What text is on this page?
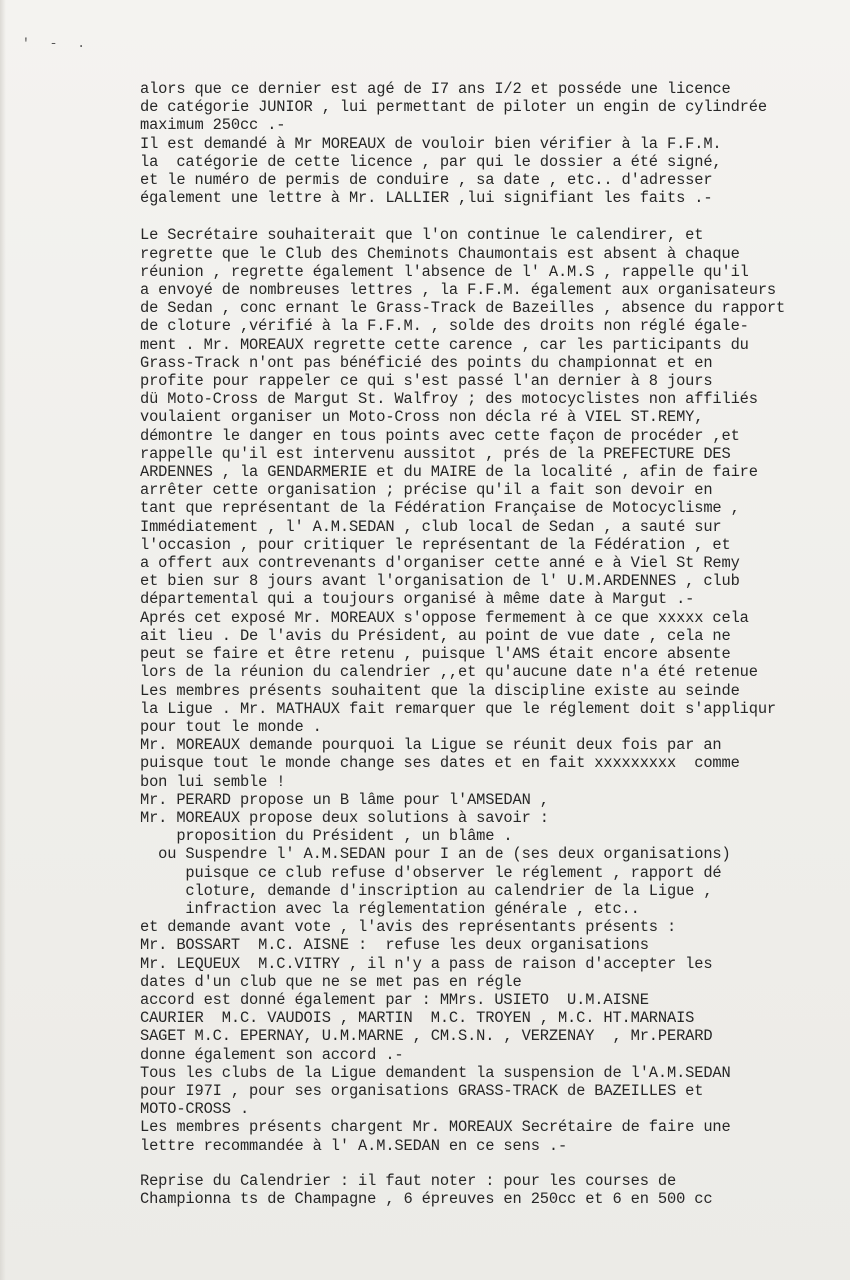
' - .
alors que ce dernier est agé de I7 ans I/2 et posséde une licence
de catégorie JUNIOR , lui permettant de piloter un engin de cylindrée
maximum 250cc .-
Il est demandé à Mr MOREAUX de vouloir bien vérifier à la F.F.M.
la  catégorie de cette licence , par qui le dossier a été signé,
et le numéro de permis de conduire , sa date , etc.. d'adresser
également une lettre à Mr. LALLIER ,lui signifiant les faits .-
Le Secrétaire souhaiterait que l'on continue le calendirer, et
regrette que le Club des Cheminots Chaumontais est absent à chaque
réunion , regrette également l'absence de l' A.M.S , rappelle qu'il
a envoyé de nombreuses lettres , la F.F.M. également aux organisateurs
de Sedan , conc ernant le Grass-Track de Bazeilles , absence du rapport
de cloture ,vérifié à la F.F.M. , solde des droits non réglé égale-
ment . Mr. MOREAUX regrette cette carence , car les participants du
Grass-Track n'ont pas bénéficié des points du championnat et en
profite pour rappeler ce qui s'est passé l'an dernier à 8 jours
dü Moto-Cross de Margut St. Walfroy ; des motocyclistes non affiliés
voulaient organiser un Moto-Cross non décla ré à VIEL ST.REMY,
démontre le danger en tous points avec cette façon de procéder ,et
rappelle qu'il est intervenu aussitot , prés de la PREFECTURE DES
ARDENNES , la GENDARMERIE et du MAIRE de la localité , afin de faire
arrêter cette organisation ; précise qu'il a fait son devoir en
tant que représentant de la Fédération Française de Motocyclisme ,
Immédiatement , l' A.M.SEDAN , club local de Sedan , a sauté sur
l'occasion , pour critiquer le représentant de la Fédération , et
a offert aux contrevenants d'organiser cette anné e à Viel St Remy
et bien sur 8 jours avant l'organisation de l' U.M.ARDENNES , club
départemental qui a toujours organisé à même date à Margut .-
Aprés cet exposé Mr. MOREAUX s'oppose fermement à ce que xxxxx cela
ait lieu . De l'avis du Président, au point de vue date , cela ne
peut se faire et être retenu , puisque l'AMS était encore absente
lors de la réunion du calendrier ,,et qu'aucune date n'a été retenue
Les membres présents souhaitent que la discipline existe au seinde
la Ligue . Mr. MATHAUX fait remarquer que le réglement doit s'appliqur
pour tout le monde .
Mr. MOREAUX demande pourquoi la Ligue se réunit deux fois par an
puisque tout le monde change ses dates et en fait xxxxxxxxx  comme
bon lui semble !
Mr. PERARD propose un B lâme pour l'AMSEDAN ,
Mr. MOREAUX propose deux solutions à savoir :
proposition du Président , un blâme .
ou Suspendre l' A.M.SEDAN pour I an de (ses deux organisations)
puisque ce club refuse d'observer le réglement , rapport dé
cloture, demande d'inscription au calendrier de la Ligue ,
infraction avec la réglementation générale , etc..
et demande avant vote , l'avis des représentants présents :
Mr. BOSSART  M.C. AISNE :  refuse les deux organisations
Mr. LEQUEUX  M.C.VITRY , il n'y a pass de raison d'accepter les
dates d'un club que ne se met pas en régle
accord est donné également par : MMrs. USIETO  U.M.AISNE
CAURIER  M.C. VAUDOIS , MARTIN  M.C. TROYEN , M.C. HT.MARNAIS
SAGET M.C. EPERNAY, U.M.MARNE , CM.S.N. , VERZENAY  , Mr.PERARD
donne également son accord .-
Tous les clubs de la Ligue demandent la suspension de l'A.M.SEDAN
pour I97I , pour ses organisations GRASS-TRACK de BAZEILLES et
MOTO-CROSS .
Les membres présents chargent Mr. MOREAUX Secrétaire de faire une
lettre recommandée à l' A.M.SEDAN en ce sens .-
Reprise du Calendrier : il faut noter : pour les courses de
Championna ts de Champagne , 6 épreuves en 250cc et 6 en 500 cc
